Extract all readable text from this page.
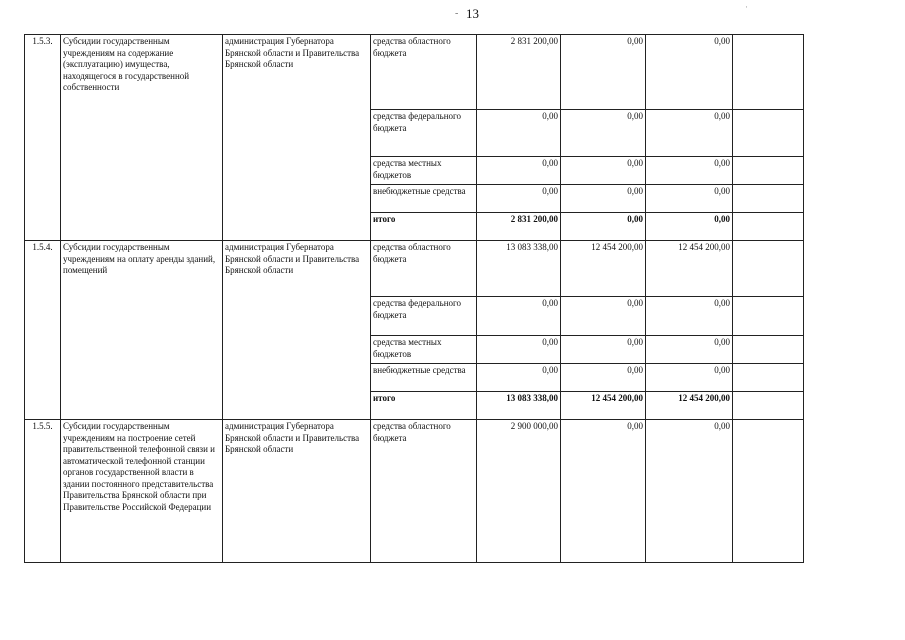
- 13	·
1.5.3.	Субсидии государственным учреждениям на содержание (эксплуатацию) имущества, находящегося в государственной собственности	администрация Губернатора Брянской области и Правительства Брянской области	средства областного бюджета	2 831 200,00	0,00	0,00	
			средства федерального бюджета	0,00	0,00	0,00	
			средства местных бюджетов	0,00	0,00	0,00	
			внебюджетные средства	0,00	0,00	0,00	
			итого	2 831 200,00	0,00	0,00	
1.5.4.	Субсидии государственным учреждениям на оплату аренды зданий, помещений	администрация Губернатора Брянской области и Правительства Брянской области	средства областного бюджета	13 083 338,00	12 454 200,00	12 454 200,00	
			средства федерального бюджета	0,00	0,00	0,00	
			средства местных бюджетов	0,00	0,00	0,00	
			внебюджетные средства	0,00	0,00	0,00	
			итого	13 083 338,00	12 454 200,00	12 454 200,00	
1.5.5.	Субсидии государственным учреждениям на построение сетей правительственной телефонной связи и автоматической телефонной станции органов государственной власти в здании постоянного представительства Правительства Брянской области при Правительстве Российской Федерации	администрация Губернатора Брянской области и Правительства Брянской области	средства областного бюджета	2 900 000,00	0,00	0,00	
